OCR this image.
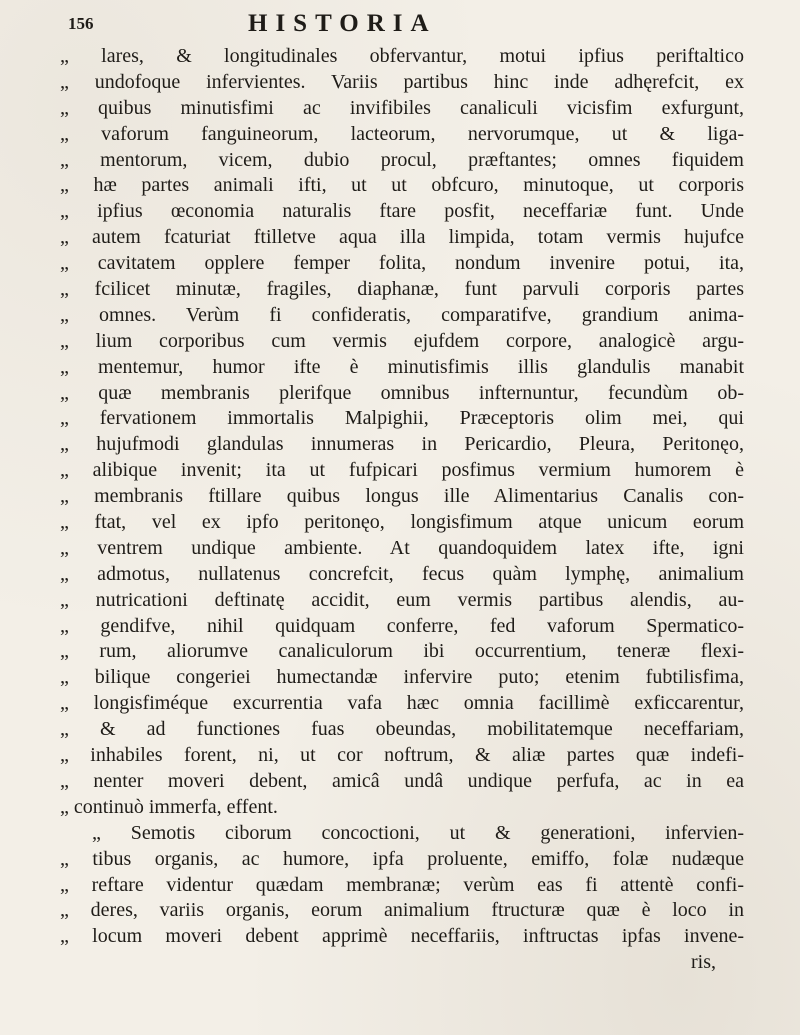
156	HISTORIA
„ lares, & longitudinales obfervantur, motui ipfius periftaltico
„ undofoque infervientes. Variis partibus hinc inde adhęrefcit, ex
„ quibus minutisfimi ac invifibiles canaliculi vicisfim exfurgunt,
„ vaforum fanguineorum, lacteorum, nervorumque, ut & liga-
„ mentorum, vicem, dubio procul, præftantes; omnes fiquidem
„ hæ partes animali ifti, ut ut obfcuro, minutoque, ut corporis
„ ipfius œconomia naturalis ftare posfit, neceffariæ funt. Unde
„ autem fcaturiat ftilletve aqua illa limpida, totam vermis hujufce
„ cavitatem opplere femper folita, nondum invenire potui, ita,
„ fcilicet minutæ, fragiles, diaphanæ, funt parvuli corporis partes
„ omnes. Verùm fi confideratis, comparatifve, grandium anima-
„ lium corporibus cum vermis ejufdem corpore, analogicè argu-
„ mentemur, humor ifte è minutisfimis illis glandulis manabit
„ quæ membranis plerifque omnibus infternuntur, fecundùm ob-
„ fervationem immortalis Malpighii, Præceptoris olim mei, qui
„ hujufmodi glandulas innumeras in Pericardio, Pleura, Peritonęo,
„ alibique invenit; ita ut fufpicari posfimus vermium humorem è
„ membranis ftillare quibus longus ille Alimentarius Canalis con-
„ ftat, vel ex ipfo peritonęo, longisfimum atque unicum eorum
„ ventrem undique ambiente. At quandoquidem latex ifte, igni
„ admotus, nullatenus concrefcit, fecus quàm lymphę, animalium
„ nutricationi deftinatę accidit, eum vermis partibus alendis, au-
„ gendifve, nihil quidquam conferre, fed vaforum Spermatico-
„ rum, aliorumve canaliculorum ibi occurrentium, teneræ flexi-
„ bilique congeriei humectandæ infervire puto; etenim fubtilisfima,
„ longisfiméque excurrentia vafa hæc omnia facillimè exficcarentur,
„ & ad functiones fuas obeundas, mobilitatemque neceffariam,
„ inhabiles forent, ni, ut cor noftrum, & aliæ partes quæ indefi-
„ nenter moveri debent, amicâ undâ undique perfufa, ac in ea
„ continuò immerfa, effent.
„ Semotis ciborum concoctioni, ut & generationi, infervien-
„ tibus organis, ac humore, ipfa proluente, emiffo, folæ nudæque
„ reftare videntur quædam membranæ; verùm eas fi attentè confi-
„ deres, variis organis, eorum animalium ftructuræ quæ è loco in
„ locum moveri debent apprimè neceffariis, inftructas ipfas invene-
ris,
